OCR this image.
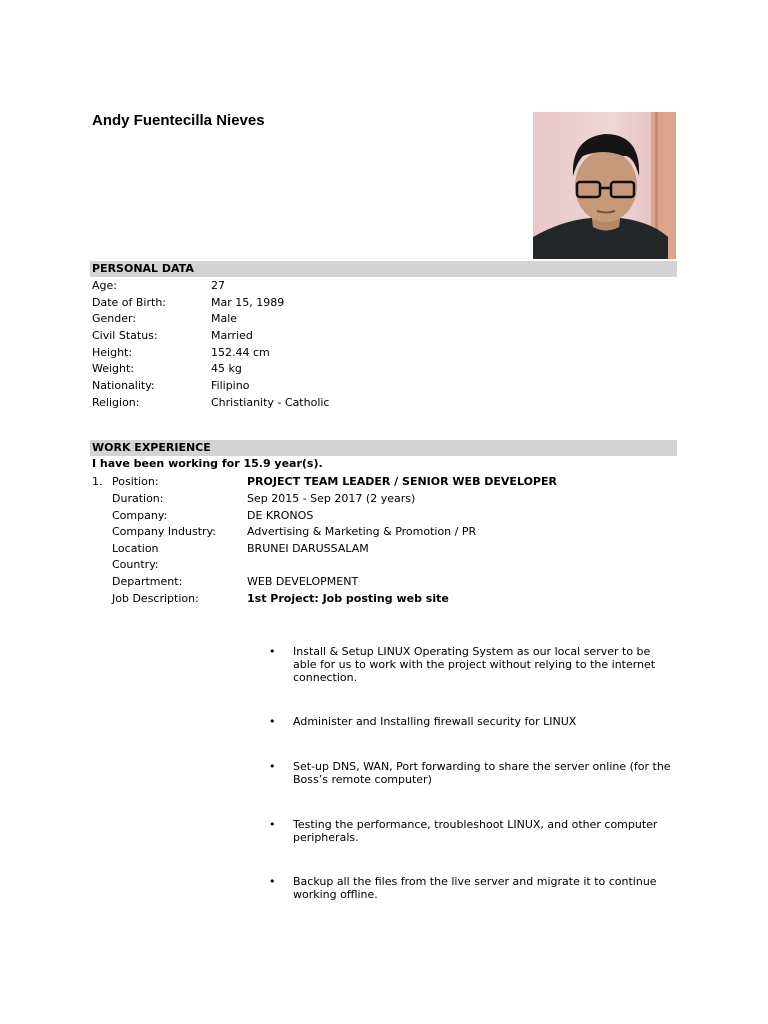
Andy Fuentecilla Nieves
PERSONAL DATA
Age:	27
Date of Birth:	Mar 15, 1989
Gender:	Male
Civil Status:	Married
Height:	152.44 cm
Weight:	45 kg
Nationality:	Filipino
Religion:	Christianity - Catholic
WORK EXPERIENCE
I have been working for 15.9 year(s).
1. Position:	PROJECT TEAM LEADER / SENIOR WEB DEVELOPER
Duration:	Sep 2015 - Sep 2017 (2 years)
Company:	DE KRONOS
Company Industry:	Advertising & Marketing & Promotion / PR
Location	BRUNEI DARUSSALAM
Country:
Department:	WEB DEVELOPMENT
Job Description:	1st Project: Job posting web site
• Install & Setup LINUX Operating System as our local server to be able for us to work with the project without relying to the internet connection.
• Administer and Installing firewall security for LINUX
• Set-up DNS, WAN, Port forwarding to share the server online (for the Boss’s remote computer)
• Testing the performance, troubleshoot LINUX, and other computer peripherals.
• Backup all the files from the live server and migrate it to continue working offline.
